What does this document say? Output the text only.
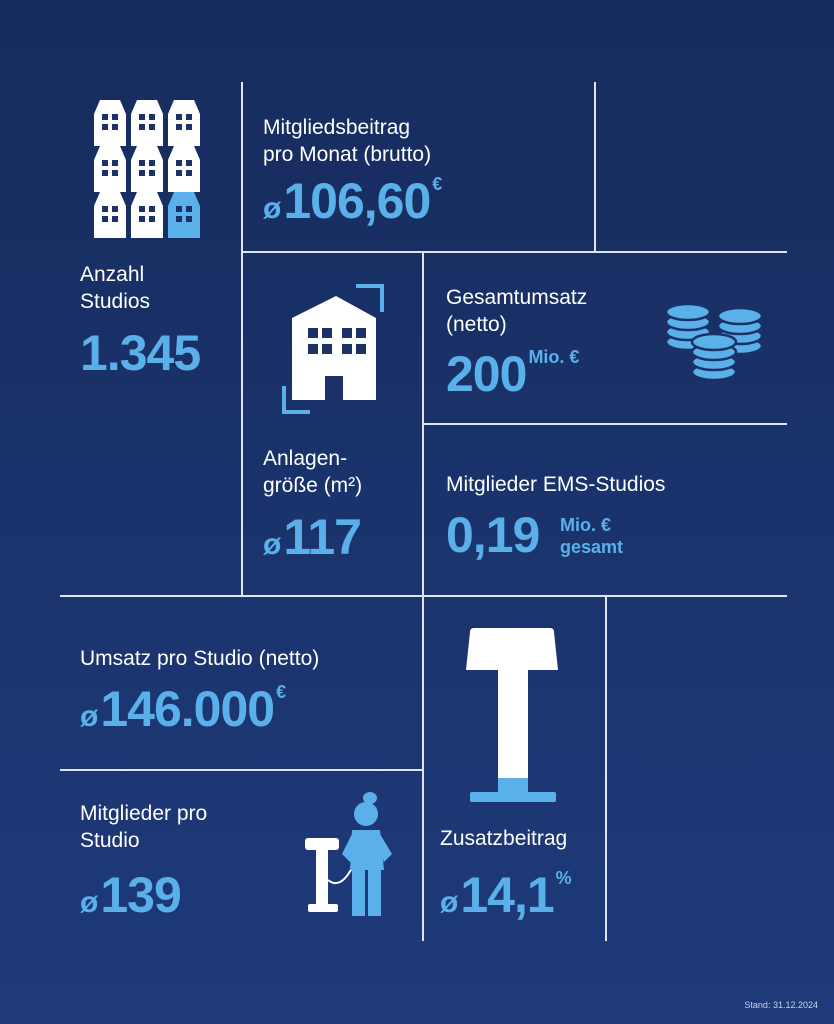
Anzahl
Studios
1.345
Mitgliedsbeitrag
pro Monat (brutto)
ø106,60 €
Anlagen-
größe (m²)
ø117
Gesamtumsatz
(netto)
200 $^{Mio. €}$
Mitglieder EMS-Studios
0,19 Mio. €
gesamt
Umsatz pro Studio (netto)
ø146.000 €
Mitglieder pro
Studio
ø139
Zusatzbeitrag
ø14,1 %
Stand: 31.12.2024
